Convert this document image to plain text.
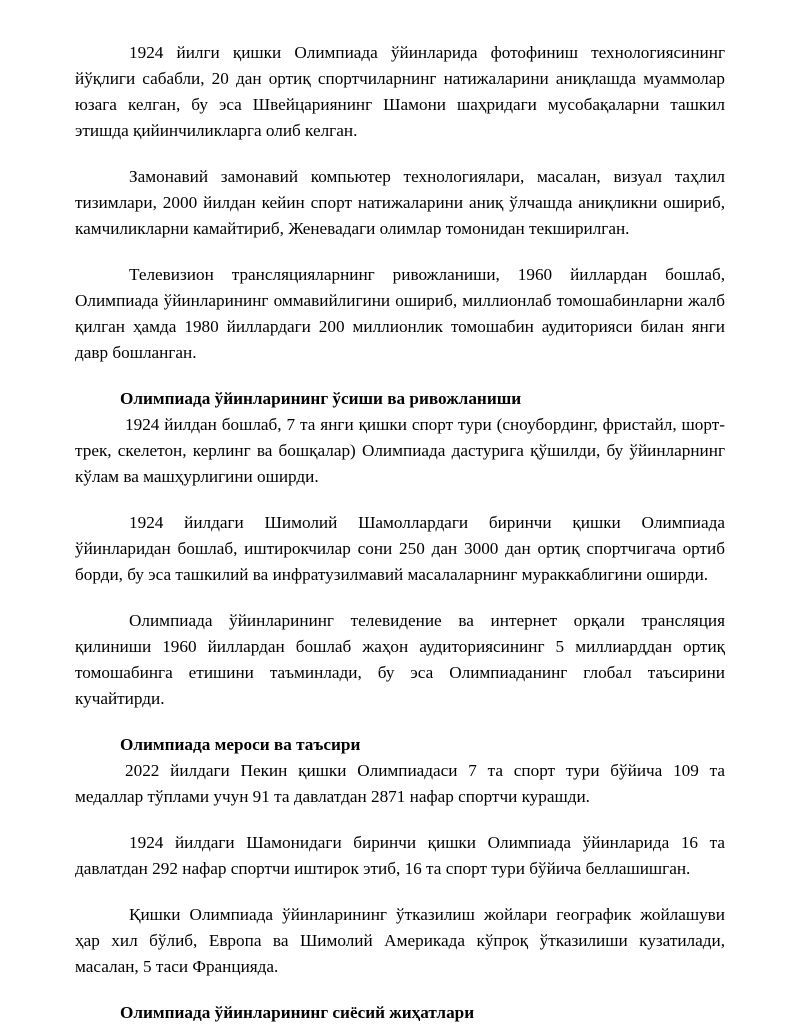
1924 йилги қишки Олимпиада ўйинларида фотофиниш технологиясининг йўқлиги сабабли, 20 дан ортиқ спортчиларнинг натижаларини аниқлашда муаммолар юзага келган, бу эса Швейцариянинг Шамони шаҳридаги мусобақаларни ташкил этишда қийинчиликларга олиб келган.

Замонавий замонавий компьютер технологиялари, масалан, визуал таҳлил тизимлари, 2000 йилдан кейин спорт натижаларини аниқ ўлчашда аниқликни ошириб, камчиликларни камайтириб, Женевадаги олимлар томонидан текширилган.

Телевизион трансляцияларнинг ривожланиши, 1960 йиллардан бошлаб, Олимпиада ўйинларининг оммавийлигини ошириб, миллионлаб томошабинларни жалб қилган ҳамда 1980 йиллардаги 200 миллионлик томошабин аудиторияси билан янги давр бошланган.

Олимпиада ўйинларининг ўсиши ва ривожланиши

1924 йилдан бошлаб, 7 та янги қишки спорт тури (сноубординг, фристайл, шорт-трек, скелетон, керлинг ва бошқалар) Олимпиада дастурига қўшилди, бу ўйинларнинг кўлам ва машҳурлигини оширди.

1924 йилдаги Шимолий Шамоллардаги биринчи қишки Олимпиада ўйинларидан бошлаб, иштирокчилар сони 250 дан 3000 дан ортиқ спортчигача ортиб борди, бу эса ташкилий ва инфратузилмавий масалаларнинг мураккаблигини оширди.

Олимпиада ўйинларининг телевидение ва интернет орқали трансляция қилиниши 1960 йиллардан бошлаб жаҳон аудиториясининг 5 миллиарддан ортиқ томошабинга етишини таъминлади, бу эса Олимпиаданинг глобал таъсирини кучайтирди.

Олимпиада мероси ва таъсири

2022 йилдаги Пекин қишки Олимпиадаси 7 та спорт тури бўйича 109 та медаллар тўплами учун 91 та давлатдан 2871 нафар спортчи курашди.

1924 йилдаги Шамонидаги биринчи қишки Олимпиада ўйинларида 16 та давлатдан 292 нафар спортчи иштирок этиб, 16 та спорт тури бўйича беллашишган.

Қишки Олимпиада ўйинларининг ўтказилиш жойлари географик жойлашуви ҳар хил бўлиб, Европа ва Шимолий Америкада кўпроқ ўтказилиши кузатилади, масалан, 5 таси Францияда.

Олимпиада ўйинларининг сиёсий жиҳатлари
